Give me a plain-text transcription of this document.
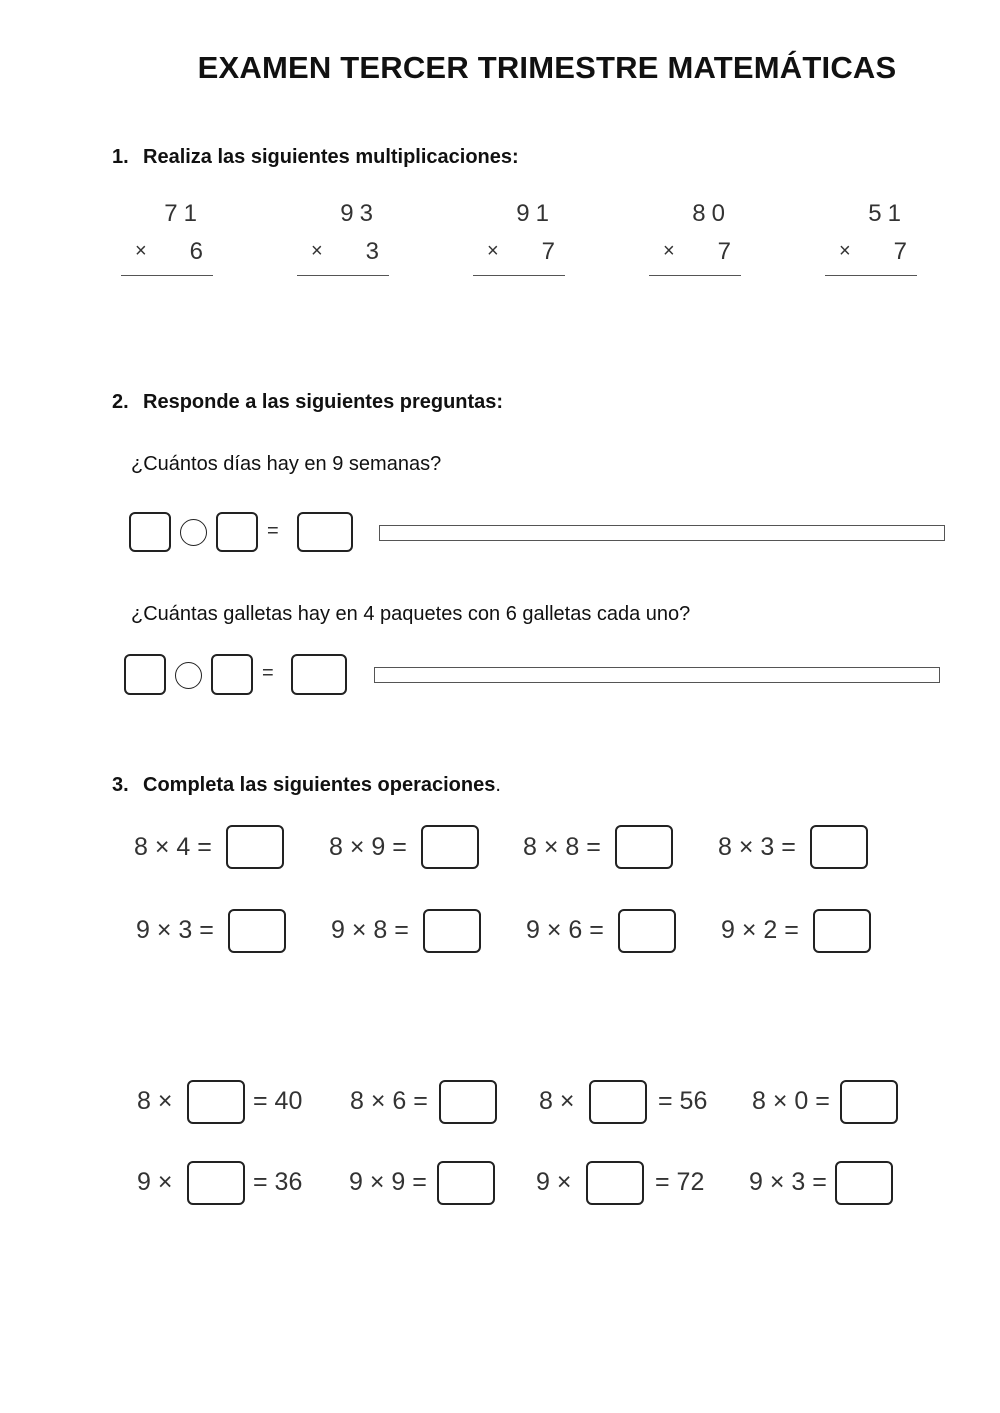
EXAMEN TERCER TRIMESTRE MATEMÁTICAS
1. Realiza las siguientes multiplicaciones:
71
× 6
93
× 3
91
× 7
80
× 7
51
× 7
2. Responde a las siguientes preguntas:
¿Cuántos días hay en 9 semanas?
=
¿Cuántas galletas hay en 4 paquetes con 6 galletas cada uno?
=
3. Completa las siguientes operaciones.
8 × 4 =	8 × 9 =	8 × 8 =	8 × 3 =
9 × 3 =	9 × 8 =	9 × 6 =	9 × 2 =
8 ×	= 40 8 × 6 =	8 ×	= 56 8 × 0 =
9 ×	= 36 9 × 9 =	9 ×	= 72 9 × 3 =
